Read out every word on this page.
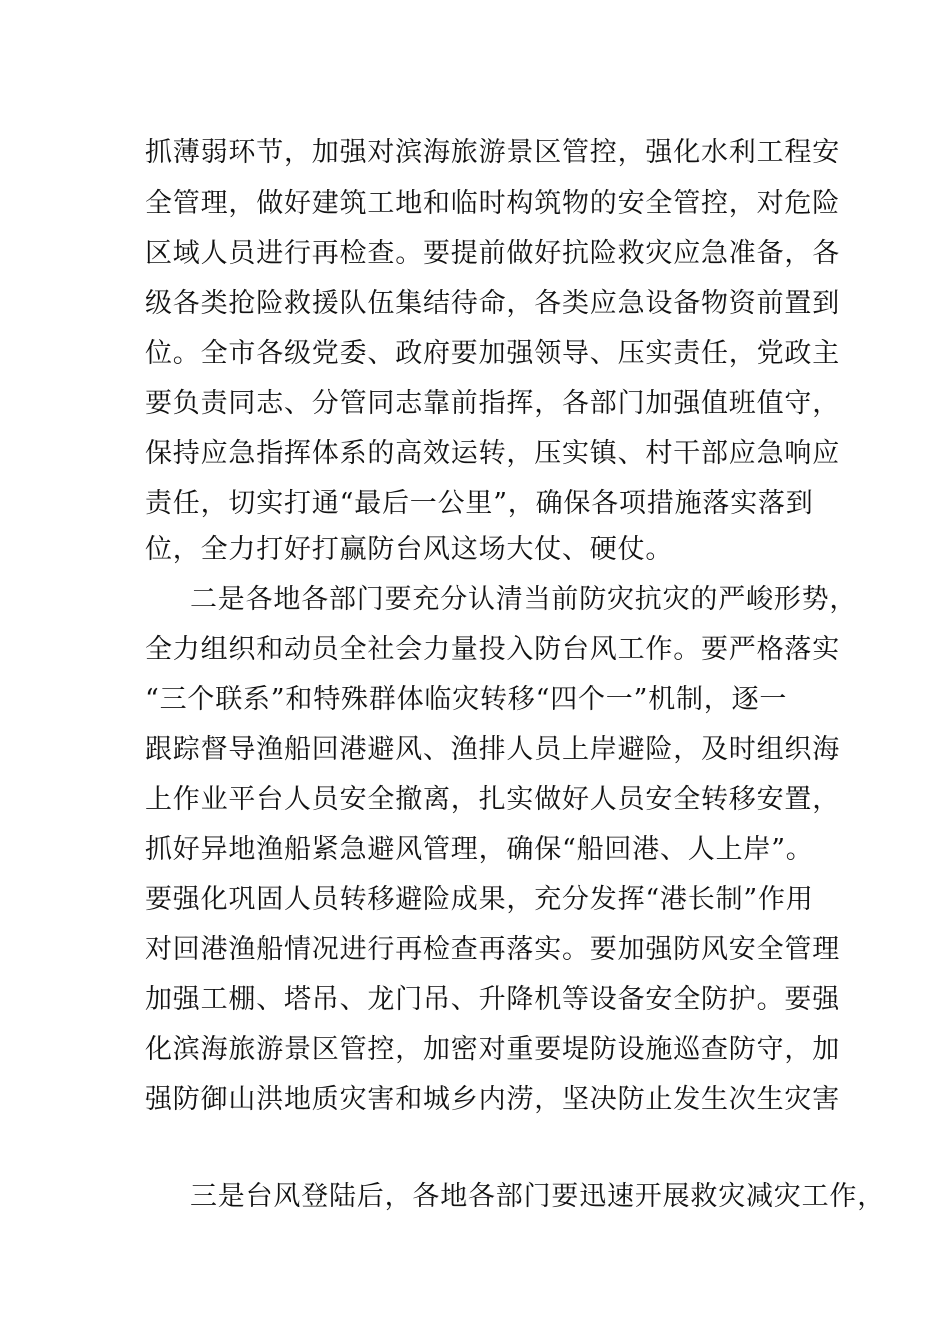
抓薄弱环节，加强对滨海旅游景区管控，强化水利工程安
全管理，做好建筑工地和临时构筑物的安全管控，对危险
区域人员进行再检查。要提前做好抗险救灾应急准备，各
级各类抢险救援队伍集结待命，各类应急设备物资前置到
位。全市各级党委、政府要加强领导、压实责任，党政主
要负责同志、分管同志靠前指挥，各部门加强值班值守，
保持应急指挥体系的高效运转，压实镇、村干部应急响应
责任，切实打通“最后一公里”，确保各项措施落实落到
位，全力打好打赢防台风这场大仗、硬仗。
二是各地各部门要充分认清当前防灾抗灾的严峻形势，
全力组织和动员全社会力量投入防台风工作。要严格落实
“三个联系”和特殊群体临灾转移“四个一”机制，逐一
跟踪督导渔船回港避风、渔排人员上岸避险，及时组织海
上作业平台人员安全撤离，扎实做好人员安全转移安置，
抓好异地渔船紧急避风管理，确保“船回港、人上岸”。
要强化巩固人员转移避险成果，充分发挥“港长制”作用
对回港渔船情况进行再检查再落实。要加强防风安全管理
加强工棚、塔吊、龙门吊、升降机等设备安全防护。要强
化滨海旅游景区管控，加密对重要堤防设施巡查防守，加
强防御山洪地质灾害和城乡内涝，坚决防止发生次生灾害
三是台风登陆后，各地各部门要迅速开展救灾减灾工作，
